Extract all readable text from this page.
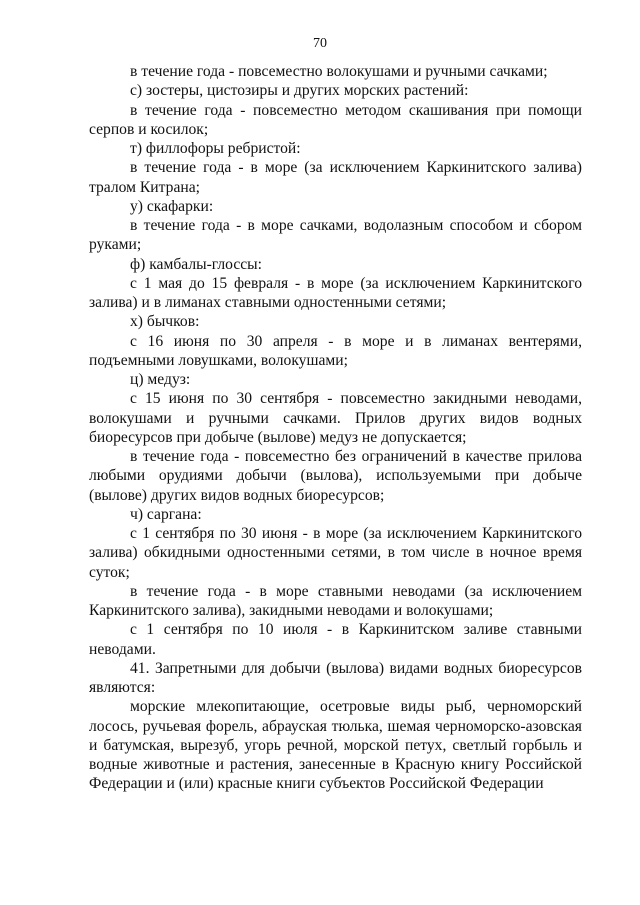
70

в течение года - повсеместно волокушами и ручными сачками;

с) зостеры, цистозиры и других морских растений:

в течение года - повсеместно методом скашивания при помощи серпов и косилок;

т) филлофоры ребристой:

в течение года - в море (за исключением Каркинитского залива) тралом Китрана;

у) скафарки:

в течение года - в море сачками, водолазным способом и сбором руками;

ф) камбалы-глоссы:

с 1 мая до 15 февраля - в море (за исключением Каркинитского залива) и в лиманах ставными одностенными сетями;

х) бычков:

с 16 июня по 30 апреля - в море и в лиманах вентерями, подъемными ловушками, волокушами;

ц) медуз:

с 15 июня по 30 сентября - повсеместно закидными неводами, волокушами и ручными сачками. Прилов других видов водных биоресурсов при добыче (вылове) медуз не допускается;

в течение года - повсеместно без ограничений в качестве прилова любыми орудиями добычи (вылова), используемыми при добыче (вылове) других видов водных биоресурсов;

ч) саргана:

с 1 сентября по 30 июня - в море (за исключением Каркинитского залива) обкидными одностенными сетями, в том числе в ночное время суток;

в течение года - в море ставными неводами (за исключением Каркинитского залива), закидными неводами и волокушами;

с 1 сентября по 10 июля - в Каркинитском заливе ставными неводами.

41. Запретными для добычи (вылова) видами водных биоресурсов являются:

морские млекопитающие, осетровые виды рыб, черноморский лосось, ручьевая форель, абрауская тюлька, шемая черноморско-азовская и батумская, вырезуб, угорь речной, морской петух, светлый горбыль и водные животные и растения, занесенные в Красную книгу Российской Федерации и (или) красные книги субъектов Российской Федерации
